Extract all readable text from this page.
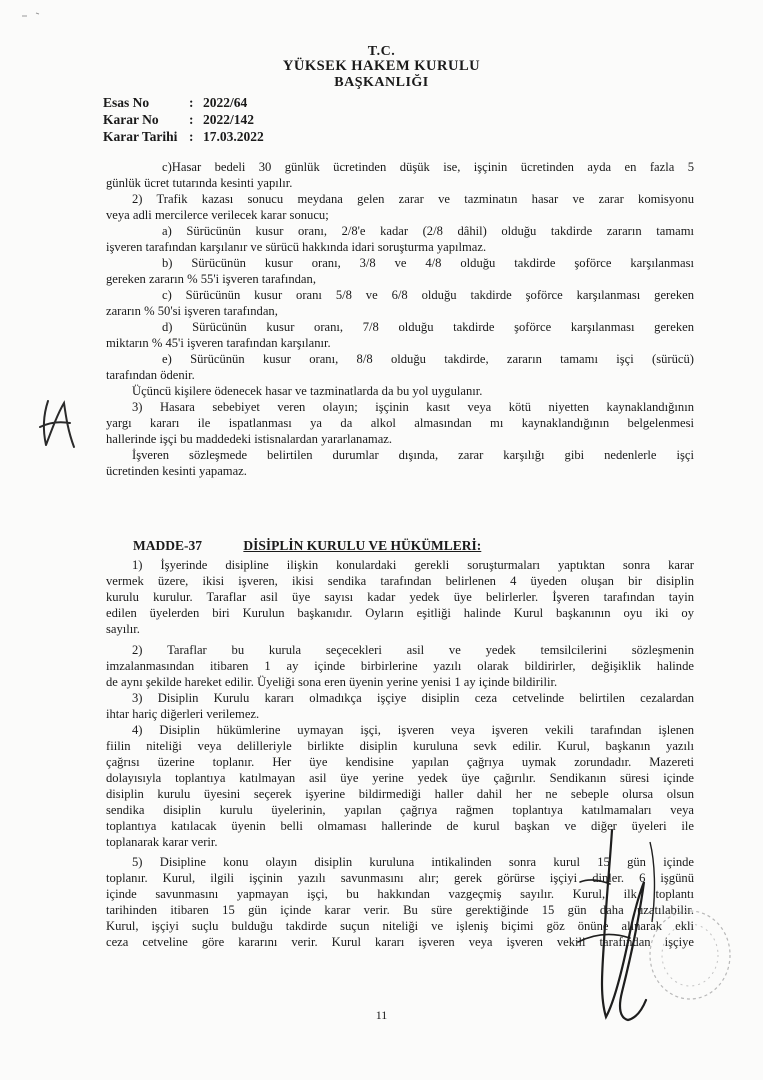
T.C.
YÜKSEK HAKEM KURULU
BAŞKANLIĞI
Esas No	: 2022/64
Karar No	: 2022/142
Karar Tarihi : 17.03.2022

c)Hasar bedeli 30 günlük ücretinden düşük ise, işçinin ücretinden ayda en fazla 5

günlük ücret tutarında kesinti yapılır.

2) Trafik kazası sonucu meydana gelen zarar ve tazminatın hasar ve zarar komisyonu

veya adli mercilerce verilecek karar sonucu;

a) Sürücünün kusur oranı, 2/8'e kadar (2/8 dâhil) olduğu takdirde zararın tamamı

işveren tarafından karşılanır ve sürücü hakkında idari soruşturma yapılmaz.

b) Sürücünün kusur oranı, 3/8 ve 4/8 olduğu takdirde şoförce karşılanması

gereken zararın % 55'i işveren tarafından,

c) Sürücünün kusur oranı 5/8 ve 6/8 olduğu takdirde şoförce karşılanması gereken

zararın % 50'si işveren tarafından,

d) Sürücünün kusur oranı, 7/8 olduğu takdirde şoförce karşılanması gereken

miktarın % 45'i işveren tarafından karşılanır.

e) Sürücünün kusur oranı, 8/8 olduğu takdirde, zararın tamamı işçi (sürücü)

tarafından ödenir.

Üçüncü kişilere ödenecek hasar ve tazminatlarda da bu yol uygulanır.

3) Hasara sebebiyet veren olayın; işçinin kasıt veya kötü niyetten kaynaklandığının

yargı kararı ile ispatlanması ya da alkol almasından mı kaynaklandığının belgelenmesi

hallerinde işçi bu maddedeki istisnalardan yararlanamaz.

İşveren sözleşmede belirtilen durumlar dışında, zarar karşılığı gibi nedenlerle işçi

ücretinden kesinti yapamaz.

MADDE-37	DİSİPLİN KURULU VE HÜKÜMLERİ:

1) İşyerinde disipline ilişkin konulardaki gerekli soruşturmaları yaptıktan sonra karar

vermek üzere, ikisi işveren, ikisi sendika tarafından belirlenen 4 üyeden oluşan bir disiplin

kurulu kurulur. Taraflar asil üye sayısı kadar yedek üye belirlerler. İşveren tarafından tayin

edilen üyelerden biri Kurulun başkanıdır. Oyların eşitliği halinde Kurul başkanının oyu iki oy

sayılır.

2) Taraflar bu kurula seçecekleri asil ve yedek temsilcilerini sözleşmenin

imzalanmasından itibaren 1 ay içinde birbirlerine yazılı olarak bildirirler, değişiklik halinde

de aynı şekilde hareket edilir. Üyeliği sona eren üyenin yerine yenisi 1 ay içinde bildirilir.

3) Disiplin Kurulu kararı olmadıkça işçiye disiplin ceza cetvelinde belirtilen cezalardan

ihtar hariç diğerleri verilemez.

4) Disiplin hükümlerine uymayan işçi, işveren veya işveren vekili tarafından işlenen

fiilin niteliği veya delilleriyle birlikte disiplin kuruluna sevk edilir. Kurul, başkanın yazılı

çağrısı üzerine toplanır. Her üye kendisine yapılan çağrıya uymak zorundadır. Mazereti

dolayısıyla toplantıya katılmayan asil üye yerine yedek üye çağırılır. Sendikanın süresi içinde

disiplin kurulu üyesini seçerek işyerine bildirmediği haller dahil her ne sebeple olursa olsun

sendika disiplin kurulu üyelerinin, yapılan çağrıya rağmen toplantıya katılmamaları veya

toplantıya katılacak üyenin belli olmaması hallerinde de kurul başkan ve diğer üyeleri ile

toplanarak karar verir.

5) Disipline konu olayın disiplin kuruluna intikalinden sonra kurul 15 gün içinde

toplanır. Kurul, ilgili işçinin yazılı savunmasını alır; gerek görürse işçiyi dinler. 6 işgünü

içinde savunmasını yapmayan işçi, bu hakkından vazgeçmiş sayılır. Kurul, ilk toplantı

tarihinden itibaren 15 gün içinde karar verir. Bu süre gerektiğinde 15 gün daha uzatılabilir.

Kurul, işçiyi suçlu bulduğu takdirde suçun niteliği ve işleniş biçimi göz önüne alınarak ekli

ceza cetveline göre kararını verir. Kurul kararı işveren veya işveren vekili tarafından işçiye

11
